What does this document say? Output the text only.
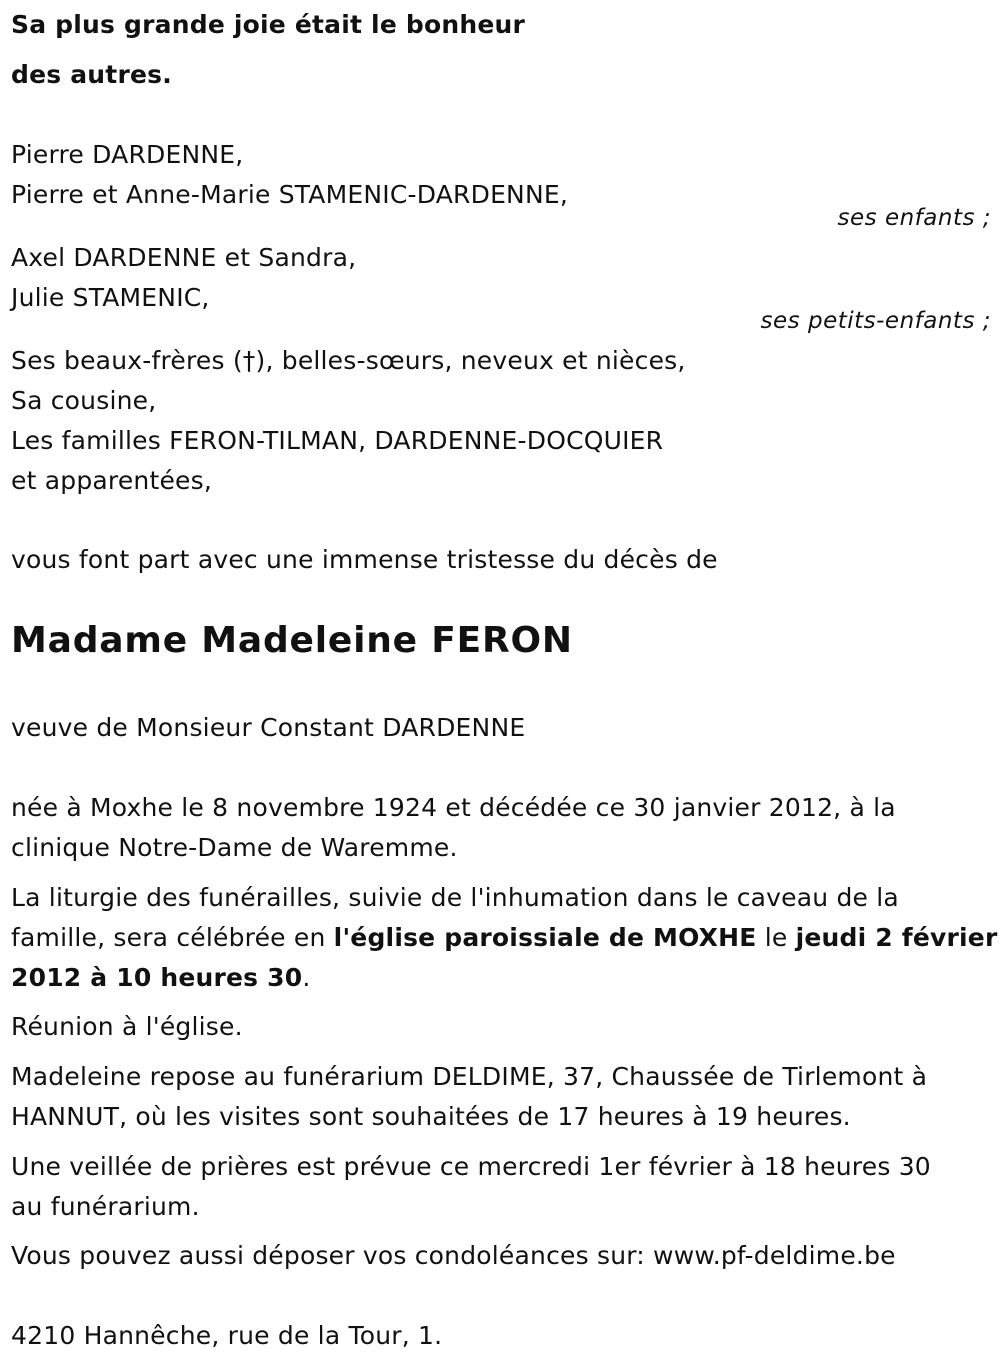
Sa plus grande joie était le bonheur
des autres.
Pierre DARDENNE,
Pierre et Anne-Marie STAMENIC-DARDENNE,
ses enfants ;
Axel DARDENNE et Sandra,
Julie STAMENIC,
ses petits-enfants ;
Ses beaux-frères (†), belles-sœurs, neveux et nièces,
Sa cousine,
Les familles FERON-TILMAN, DARDENNE-DOCQUIER
et apparentées,
vous font part avec une immense tristesse du décès de
Madame Madeleine FERON
veuve de Monsieur Constant DARDENNE
née à Moxhe le 8 novembre 1924 et décédée ce 30 janvier 2012, à la
clinique Notre-Dame de Waremme.
La liturgie des funérailles, suivie de l'inhumation dans le caveau de la
famille, sera célébrée en l'église paroissiale de MOXHE le jeudi 2 février
2012 à 10 heures 30.
Réunion à l'église.
Madeleine repose au funérarium DELDIME, 37, Chaussée de Tirlemont à
HANNUT, où les visites sont souhaitées de 17 heures à 19 heures.
Une veillée de prières est prévue ce mercredi 1er février à 18 heures 30
au funérarium.
Vous pouvez aussi déposer vos condoléances sur: www.pf-deldime.be
4210 Hannêche, rue de la Tour, 1.
